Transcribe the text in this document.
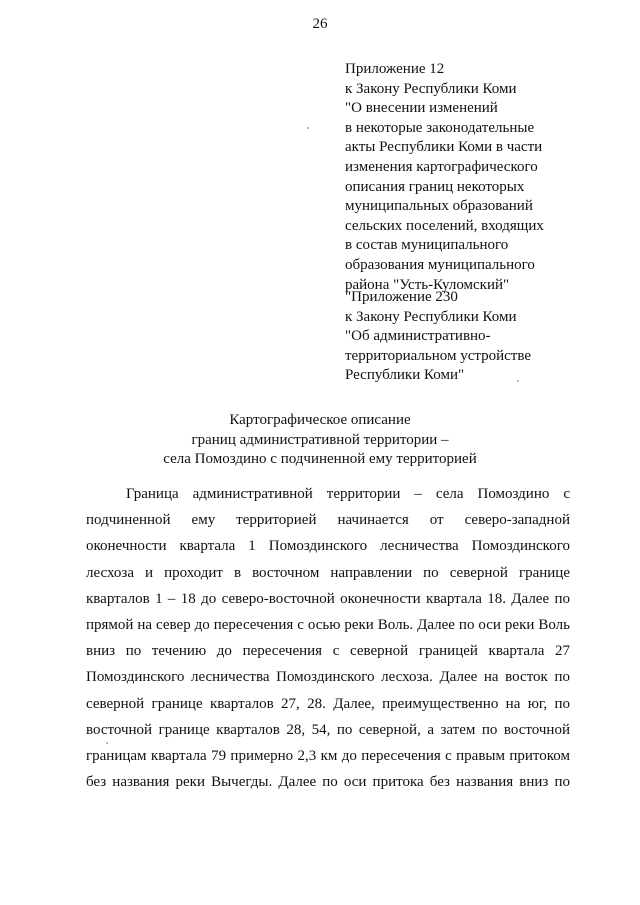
26
Приложение 12
к Закону Республики Коми
"О внесении изменений
в некоторые законодательные
акты Республики Коми в части
изменения картографического
описания границ некоторых
муниципальных образований
сельских поселений, входящих
в состав муниципального
образования муниципального
района "Усть-Куломский"
"Приложение 230
к Закону Республики Коми
"Об административно-
территориальном устройстве
Республики Коми"
Картографическое описание
границ административной территории –
села Помоздино с подчиненной ему территорией
Граница административной территории – села Помоздино с
подчиненной ему территорией начинается от северо-западной
оконечности квартала 1 Помоздинского лесничества Помоздинского
лесхоза и проходит в восточном направлении по северной границе
кварталов 1 – 18 до северо-восточной оконечности квартала 18. Далее по
прямой на север до пересечения с осью реки Воль. Далее по оси реки Воль
вниз по течению до пересечения с северной границей квартала 27
Помоздинского лесничества Помоздинского лесхоза. Далее на восток по
северной границе кварталов 27, 28. Далее, преимущественно на юг, по
восточной границе кварталов 28, 54, по северной, а затем по восточной
границам квартала 79 примерно 2,3 км до пересечения с правым притоком
без названия реки Вычегды. Далее по оси притока без названия вниз по
